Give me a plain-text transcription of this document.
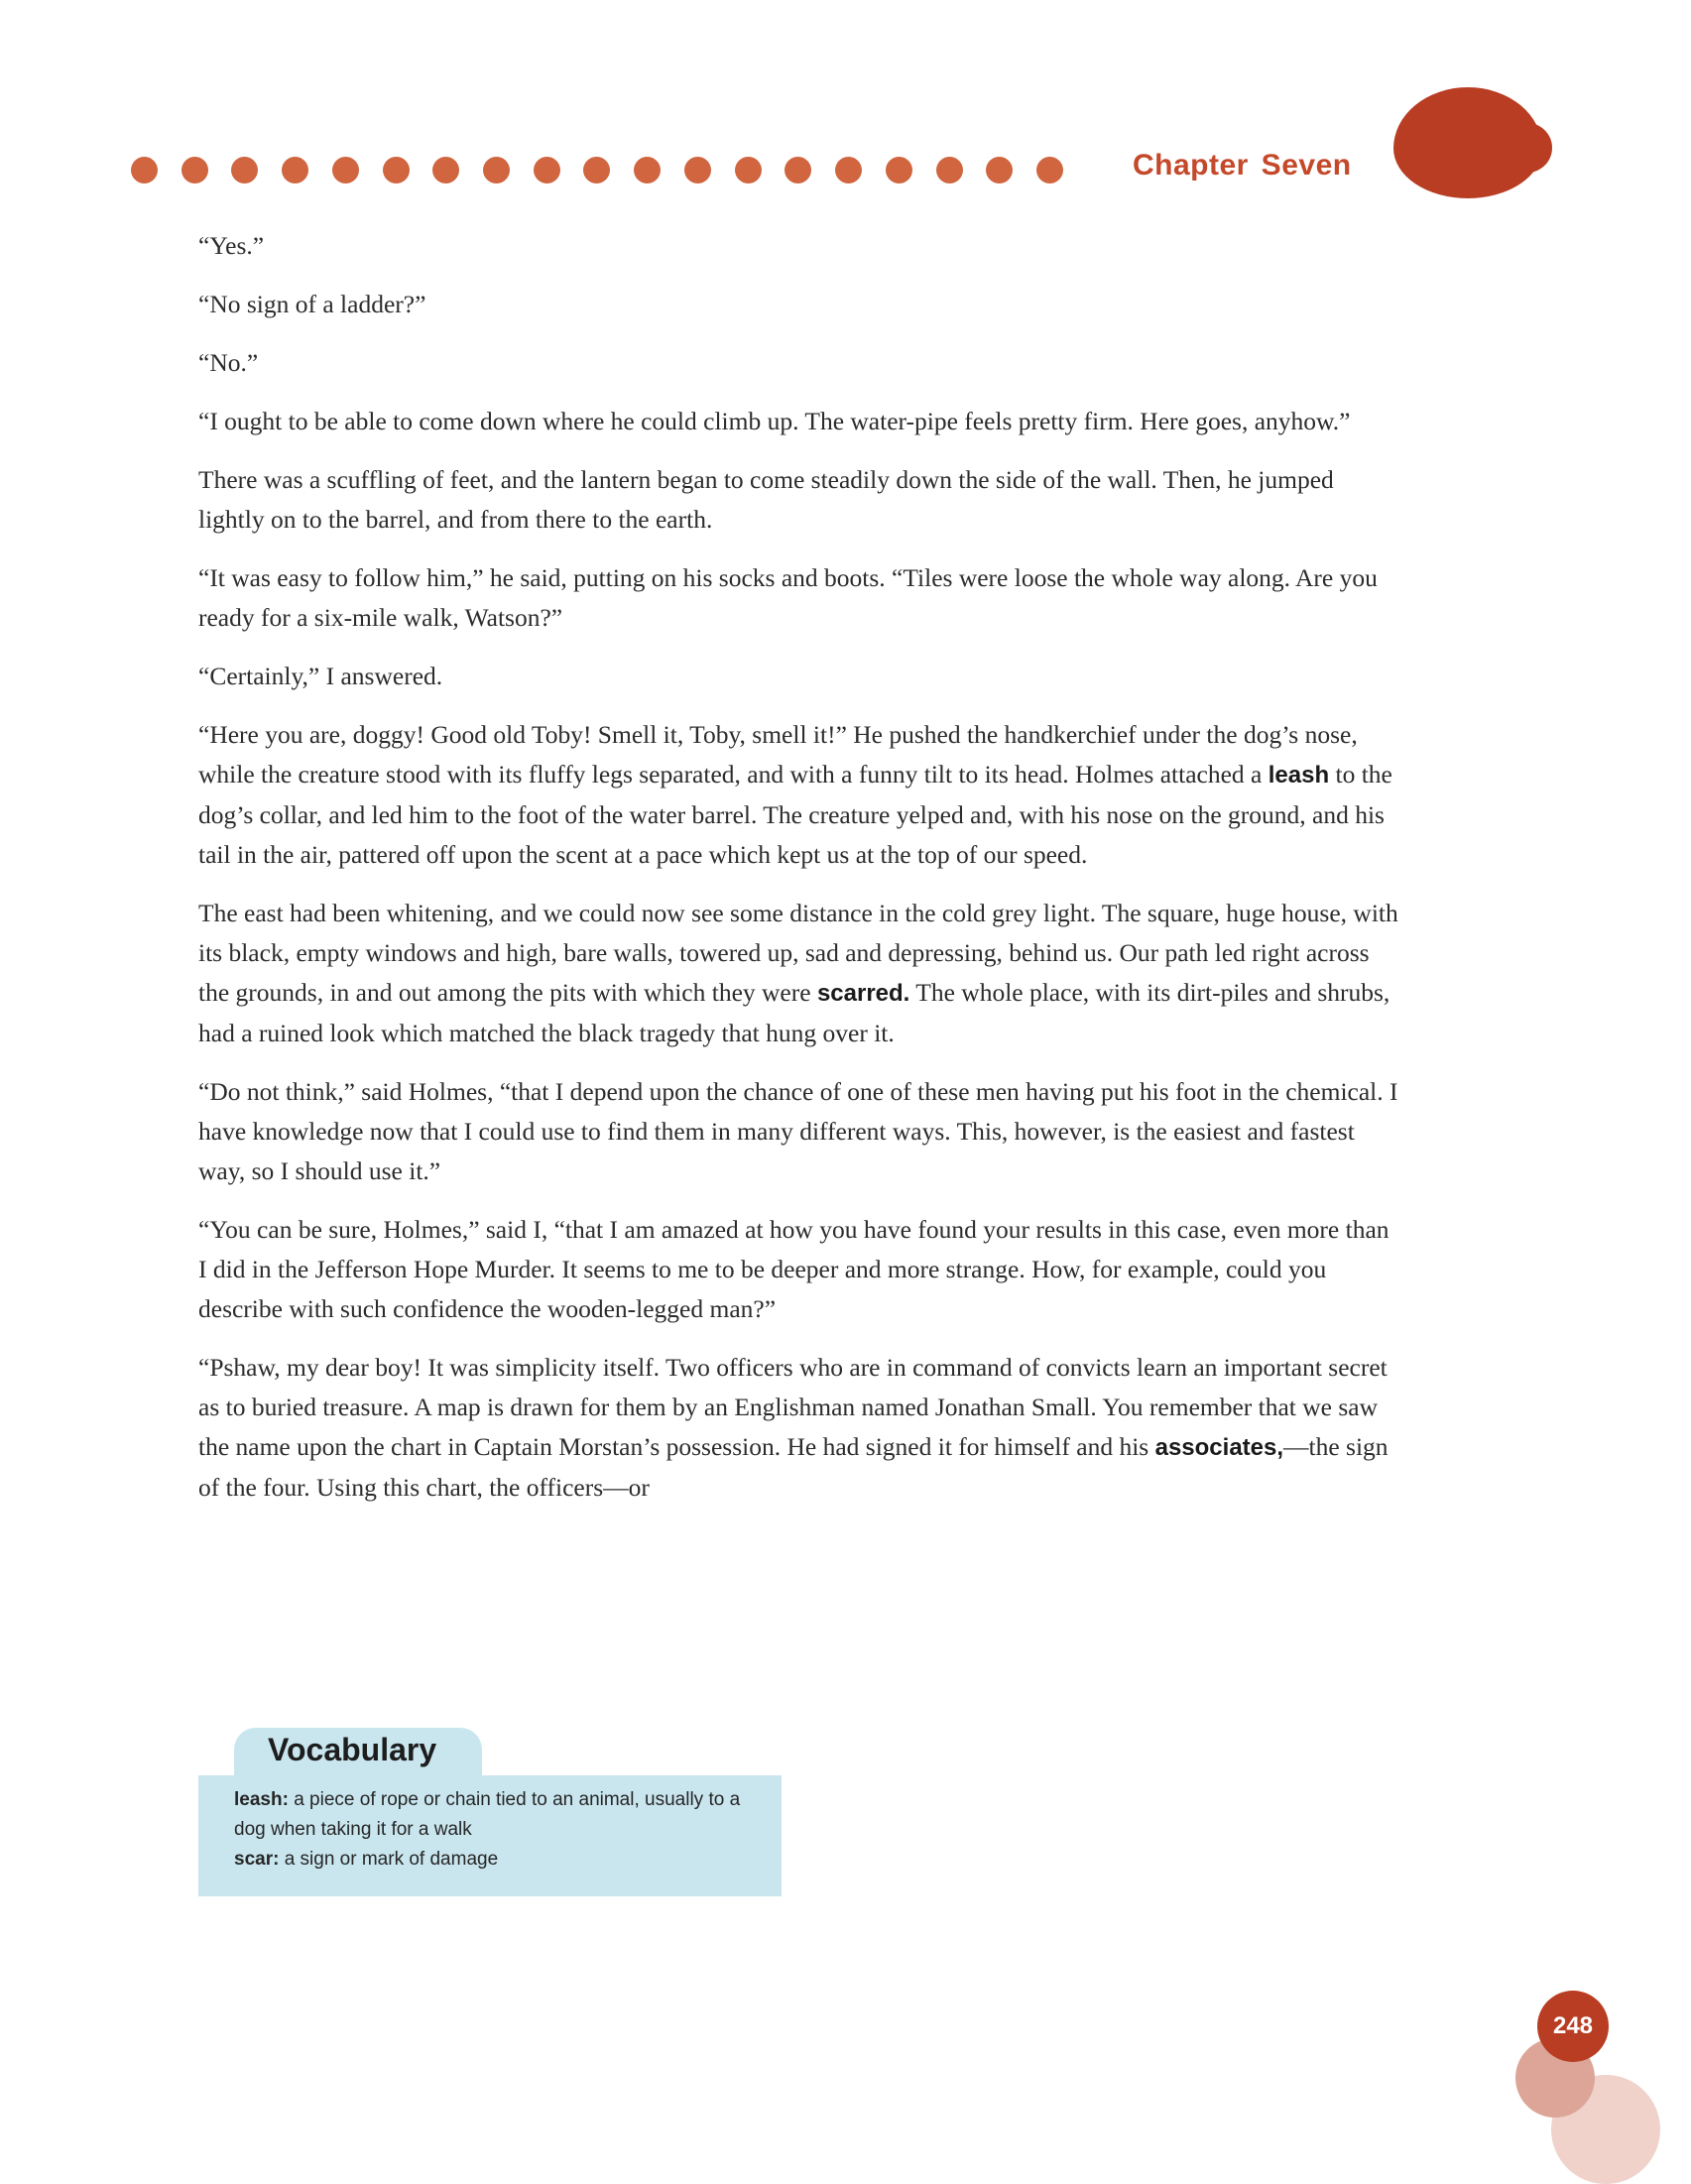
Chapter Seven

“Yes.”

“No sign of a ladder?”

“No.”

“I ought to be able to come down where he could climb up. The water-pipe feels pretty firm. Here goes, anyhow.”

There was a scuffling of feet, and the lantern began to come steadily down the side of the wall. Then, he jumped lightly on to the barrel, and from there to the earth.

“It was easy to follow him,” he said, putting on his socks and boots. “Tiles were loose the whole way along. Are you ready for a six-mile walk, Watson?”

“Certainly,” I answered.

“Here you are, doggy! Good old Toby! Smell it, Toby, smell it!” He pushed the handkerchief under the dog’s nose, while the creature stood with its fluffy legs separated, and with a funny tilt to its head. Holmes attached a leash to the dog’s collar, and led him to the foot of the water barrel. The creature yelped and, with his nose on the ground, and his tail in the air, pattered off upon the scent at a pace which kept us at the top of our speed.

The east had been whitening, and we could now see some distance in the cold grey light. The square, huge house, with its black, empty windows and high, bare walls, towered up, sad and depressing, behind us. Our path led right across the grounds, in and out among the pits with which they were scarred. The whole place, with its dirt-piles and shrubs, had a ruined look which matched the black tragedy that hung over it.

“Do not think,” said Holmes, “that I depend upon the chance of one of these men having put his foot in the chemical. I have knowledge now that I could use to find them in many different ways. This, however, is the easiest and fastest way, so I should use it.”

“You can be sure, Holmes,” said I, “that I am amazed at how you have found your results in this case, even more than I did in the Jefferson Hope Murder. It seems to me to be deeper and more strange. How, for example, could you describe with such confidence the wooden-legged man?”

“Pshaw, my dear boy! It was simplicity itself. Two officers who are in command of convicts learn an important secret as to buried treasure. A map is drawn for them by an Englishman named Jonathan Small. You remember that we saw the name upon the chart in Captain Morstan’s possession. He had signed it for himself and his associates,—the sign of the four. Using this chart, the officers—or

Vocabulary
leash: a piece of rope or chain tied to an animal, usually to a dog when taking it for a walk
scar: a sign or mark of damage
248
